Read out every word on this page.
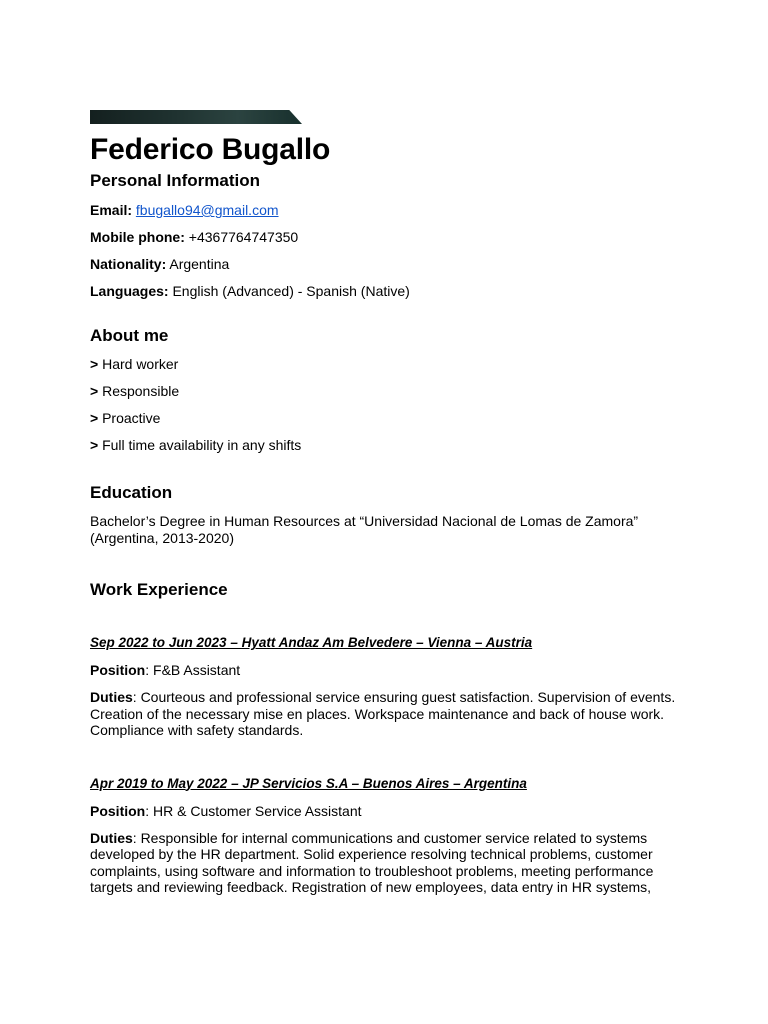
Federico Bugallo
Personal Information

Email: fbugallo94@gmail.com

Mobile phone: +4367764747350

Nationality: Argentina

Languages: English (Advanced) - Spanish (Native)

About me

> Hard worker

> Responsible

> Proactive

> Full time availability in any shifts

Education

Bachelor’s Degree in Human Resources at “Universidad Nacional de Lomas de Zamora”

(Argentina, 2013-2020)

Work Experience

Sep 2022 to Jun 2023 – Hyatt Andaz Am Belvedere – Vienna – Austria

Position: F&B Assistant

Duties: Courteous and professional service ensuring guest satisfaction. Supervision of events.

Creation of the necessary mise en places. Workspace maintenance and back of house work.

Compliance with safety standards.

Apr 2019 to May 2022 – JP Servicios S.A – Buenos Aires – Argentina

Position: HR & Customer Service Assistant

Duties: Responsible for internal communications and customer service related to systems

developed by the HR department. Solid experience resolving technical problems, customer

complaints, using software and information to troubleshoot problems, meeting performance

targets and reviewing feedback. Registration of new employees, data entry in HR systems,
